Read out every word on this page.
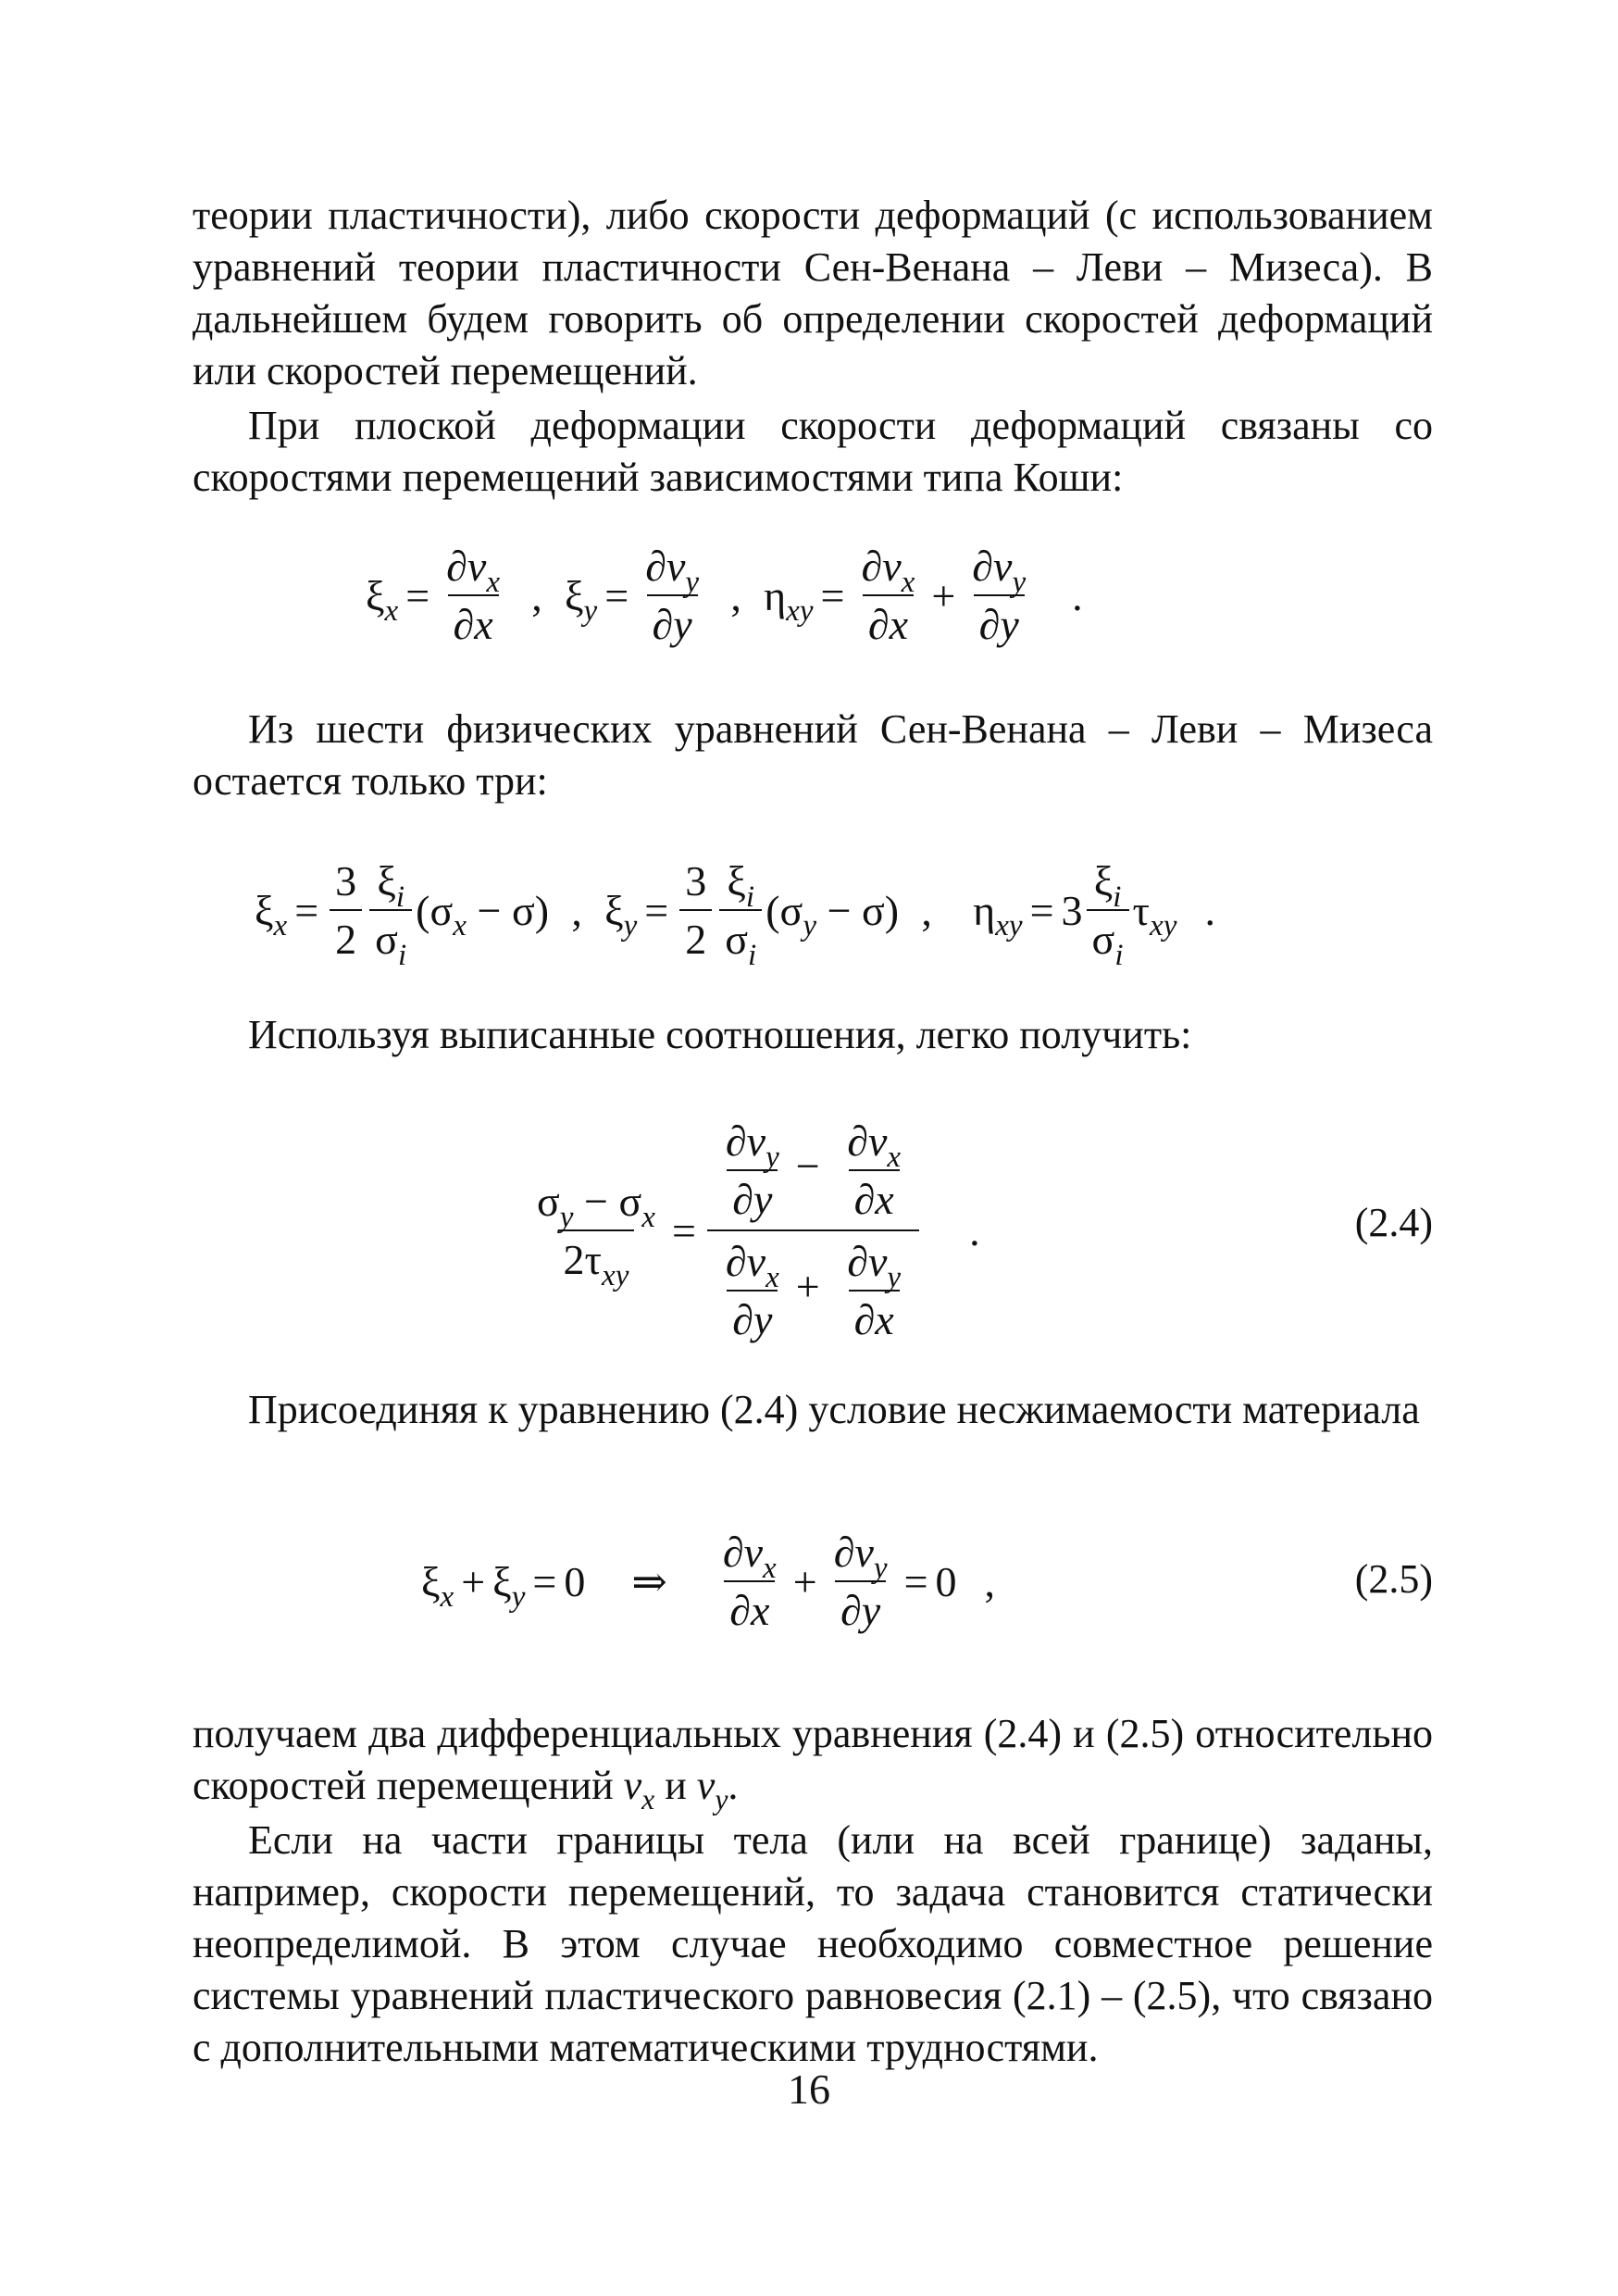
теории пластичности), либо скорости деформаций (с использованием уравнений теории пластичности Сен-Венана – Леви – Мизеса). В дальнейшем будем говорить об определении скоростей деформаций или скоростей перемещений.

При плоской деформации скорости деформаций связаны со скоростями перемещений зависимостями типа Коши:

$\xi_x = \frac{\partial v_x}{\partial x}$ , $\xi_y = \frac{\partial v_y}{\partial y}$ , $\eta_{xy} = \frac{\partial v_x}{\partial x} + \frac{\partial v_y}{\partial y}$ .

Из шести физических уравнений Сен-Венана – Леви – Мизеса остается только три:

$\xi_x = \frac{3}{2} \frac{\xi_i}{\sigma_i} (\sigma_x - \sigma)$ , $\xi_y = \frac{3}{2} \frac{\xi_i}{\sigma_i} (\sigma_y - \sigma)$ , $\eta_{xy} = 3 \frac{\xi_i}{\sigma_i} \tau_{xy}$ .

Используя выписанные соотношения, легко получить:

$\frac{\sigma_y - \sigma_x}{2\tau_{xy}} = \frac{\frac{\partial v_y}{\partial y} - \frac{\partial v_x}{\partial x}}{\frac{\partial v_x}{\partial y} + \frac{\partial v_y}{\partial x}}$ .	(2.4)

Присоединяя к уравнению (2.4) условие несжимаемости материала

$\xi_x + \xi_y = 0$ ⇒ $\frac{\partial v_x}{\partial x} + \frac{\partial v_y}{\partial y} = 0$ ,	(2.5)

получаем два дифференциальных уравнения (2.4) и (2.5) относительно скоростей перемещений $v_x$ и $v_y$.

Если на части границы тела (или на всей границе) заданы, например, скорости перемещений, то задача становится статически неопределимой. В этом случае необходимо совместное решение системы уравнений пластического равновесия (2.1) – (2.5), что связано с дополнительными математическими трудностями.

16
